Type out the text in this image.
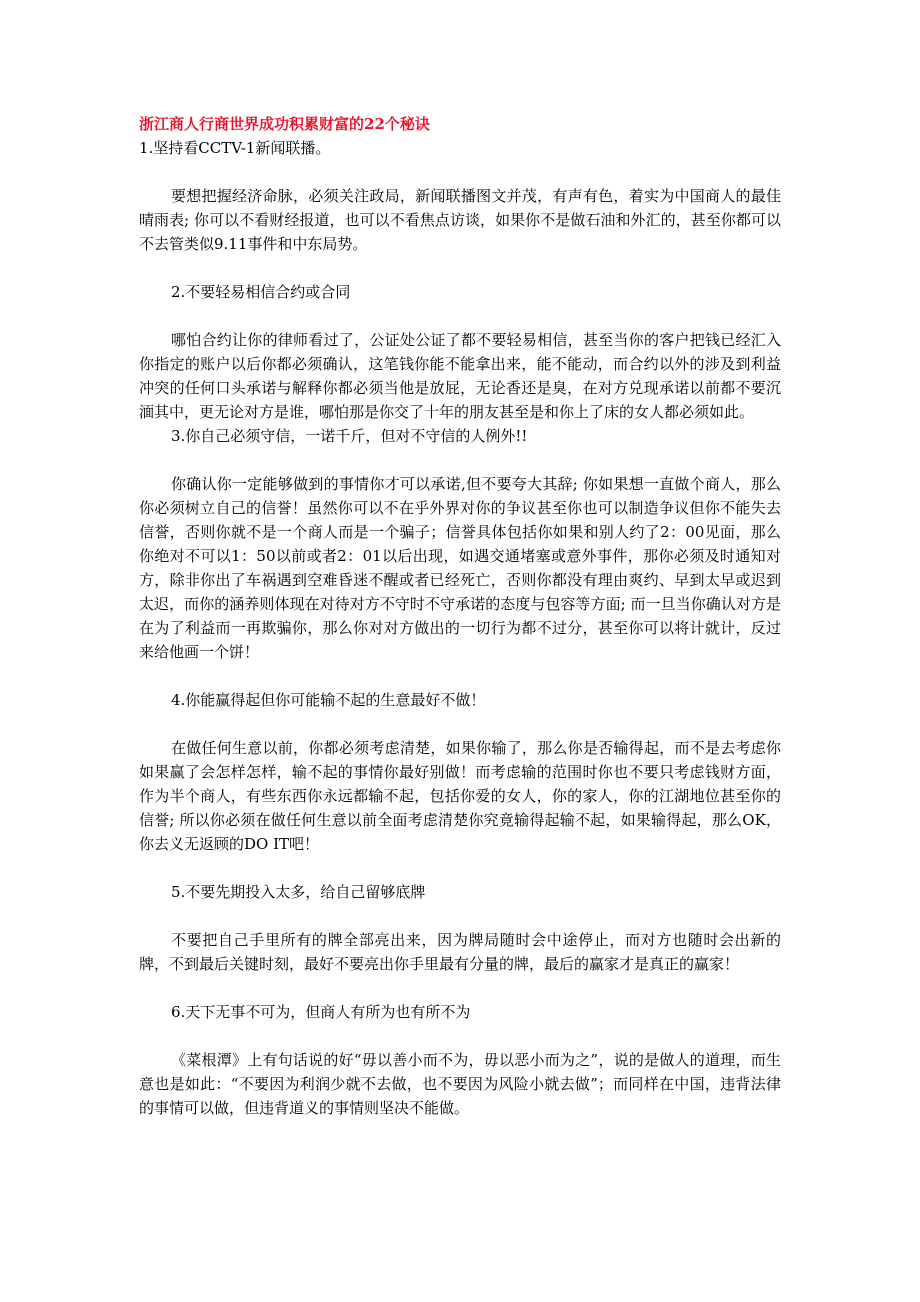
浙江商人行商世界成功积累财富的22个秘诀

1.坚持看CCTV-1新闻联播。

要想把握经济命脉，必须关注政局，新闻联播图文并茂，有声有色，着实为中国商人的最佳晴雨表; 你可以不看财经报道，也可以不看焦点访谈，如果你不是做石油和外汇的，甚至你都可以不去管类似9.11事件和中东局势。

2.不要轻易相信合约或合同

哪怕合约让你的律师看过了，公证处公证了都不要轻易相信，甚至当你的客户把钱已经汇入你指定的账户以后你都必须确认，这笔钱你能不能拿出来，能不能动，而合约以外的涉及到利益冲突的任何口头承诺与解释你都必须当他是放屁，无论香还是臭，在对方兑现承诺以前都不要沉湎其中，更无论对方是谁，哪怕那是你交了十年的朋友甚至是和你上了床的女人都必须如此。

3.你自己必须守信，一诺千斤，但对不守信的人例外!!

你确认你一定能够做到的事情你才可以承诺,但不要夸大其辞; 你如果想一直做个商人，那么你必须树立自己的信誉！虽然你可以不在乎外界对你的争议甚至你也可以制造争议但你不能失去信誉，否则你就不是一个商人而是一个骗子；信誉具体包括你如果和别人约了2：00见面，那么你绝对不可以1：50以前或者2：01以后出现，如遇交通堵塞或意外事件，那你必须及时通知对方，除非你出了车祸遇到空难昏迷不醒或者已经死亡，否则你都没有理由爽约、早到太早或迟到太迟，而你的涵养则体现在对待对方不守时不守承诺的态度与包容等方面; 而一旦当你确认对方是在为了利益而一再欺骗你，那么你对对方做出的一切行为都不过分，甚至你可以将计就计，反过来给他画一个饼！

4.你能赢得起但你可能输不起的生意最好不做！

在做任何生意以前，你都必须考虑清楚，如果你输了，那么你是否输得起，而不是去考虑你如果赢了会怎样怎样，输不起的事情你最好别做！而考虑输的范围时你也不要只考虑钱财方面，作为半个商人，有些东西你永远都输不起，包括你爱的女人，你的家人，你的江湖地位甚至你的信誉; 所以你必须在做任何生意以前全面考虑清楚你究竟输得起输不起，如果输得起，那么OK，你去义无返顾的DO IT吧！

5.不要先期投入太多，给自己留够底牌

不要把自己手里所有的牌全部亮出来，因为牌局随时会中途停止，而对方也随时会出新的牌，不到最后关键时刻，最好不要亮出你手里最有分量的牌，最后的赢家才是真正的赢家！

6.天下无事不可为，但商人有所为也有所不为

《菜根潭》上有句话说的好“毋以善小而不为，毋以恶小而为之”，说的是做人的道理，而生意也是如此：“不要因为利润少就不去做，也不要因为风险小就去做”；而同样在中国，违背法律的事情可以做，但违背道义的事情则坚决不能做。
